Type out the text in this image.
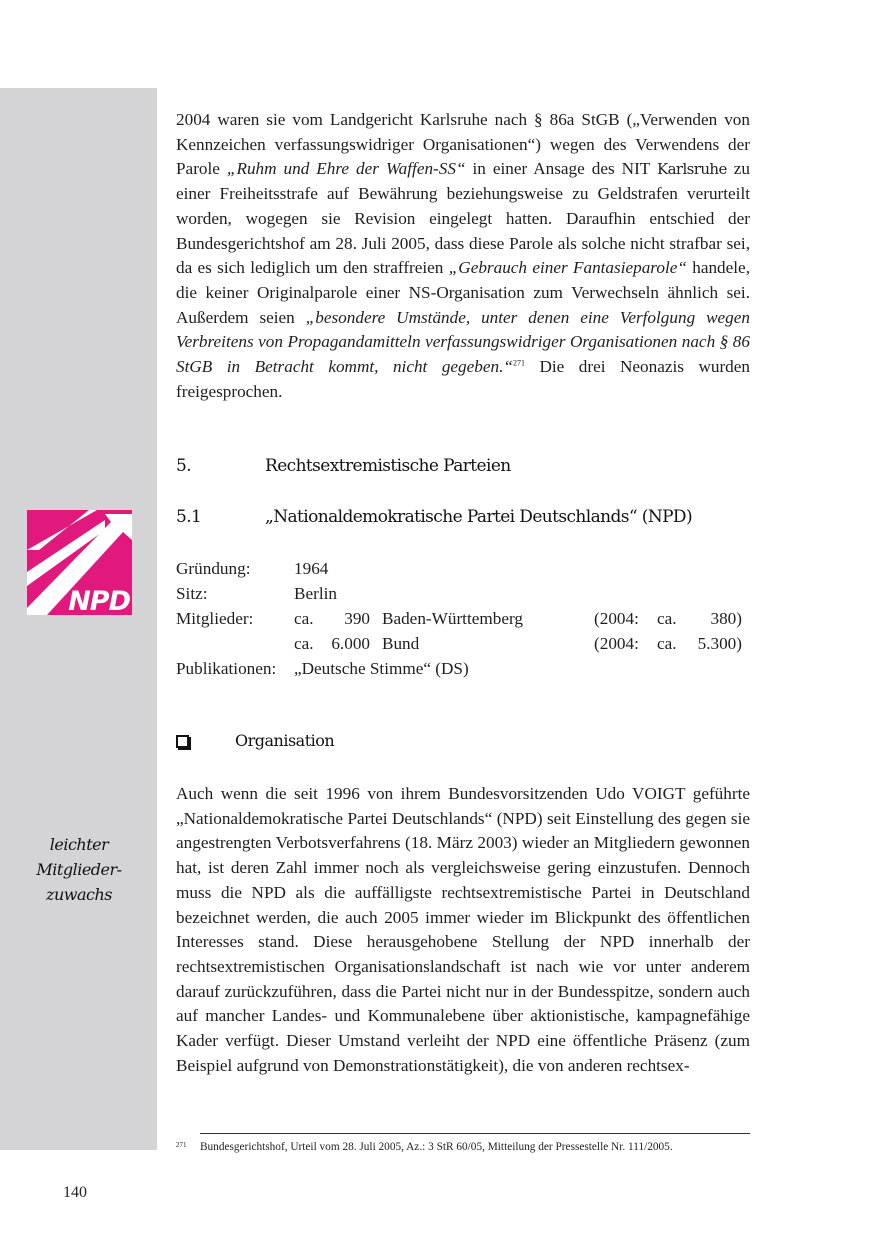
NPD
leichter
Mitglieder-
zuwachs

2004 waren sie vom Landgericht Karlsruhe nach § 86a StGB („Verwenden von Kennzeichen verfassungswidriger Organisationen“) wegen des Verwendens der Parole „Ruhm und Ehre der Waffen-SS“ in einer Ansage des NIT Karlsruhe zu einer Freiheitsstrafe auf Bewährung beziehungsweise zu Geldstrafen verurteilt worden, wogegen sie Revision eingelegt hatten. Daraufhin entschied der Bundesgerichtshof am 28. Juli 2005, dass diese Parole als solche nicht strafbar sei, da es sich lediglich um den straffreien „Gebrauch einer Fantasieparole“ handele, die keiner Originalparole einer NS-Organisation zum Verwechseln ähnlich sei. Außerdem seien „besondere Umstände, unter denen eine Verfolgung wegen Verbreitens von Propagandamitteln verfassungswidriger Organisationen nach § 86 StGB in Betracht kommt, nicht gegeben.“$^{271}$ Die drei Neonazis wurden freigesprochen.

5.	Rechtsextremistische Parteien
5.1	„Nationaldemokratische Partei Deutschlands“ (NPD)
Gründung:	1964
Sitz:	Berlin
Mitglieder: ca. 390 Baden-Württemberg	(2004: ca. 380)
ca. 6.000 Bund	(2004: ca. 5.300)
Publikationen: „Deutsche Stimme“ (DS)
Organisation

Auch wenn die seit 1996 von ihrem Bundesvorsitzenden Udo VOIGT geführte „Nationaldemokratische Partei Deutschlands“ (NPD) seit Einstellung des gegen sie angestrengten Verbotsverfahrens (18. März 2003) wieder an Mitgliedern gewonnen hat, ist deren Zahl immer noch als vergleichsweise gering einzustufen. Dennoch muss die NPD als die auffälligste rechtsextremistische Partei in Deutschland bezeichnet werden, die auch 2005 immer wieder im Blickpunkt des öffentlichen Interesses stand. Diese herausgehobene Stellung der NPD innerhalb der rechtsextremistischen Organisationslandschaft ist nach wie vor unter anderem darauf zurückzuführen, dass die Partei nicht nur in der Bundesspitze, sondern auch auf mancher Landes- und Kommunalebene über aktionistische, kampagnefähige Kader verfügt. Dieser Umstand verleiht der NPD eine öffentliche Präsenz (zum Beispiel aufgrund von Demonstrationstätigkeit), die von anderen rechtsex-

271 Bundesgerichtshof, Urteil vom 28. Juli 2005, Az.: 3 StR 60/05, Mitteilung der Pressestelle Nr. 111/2005.
140
